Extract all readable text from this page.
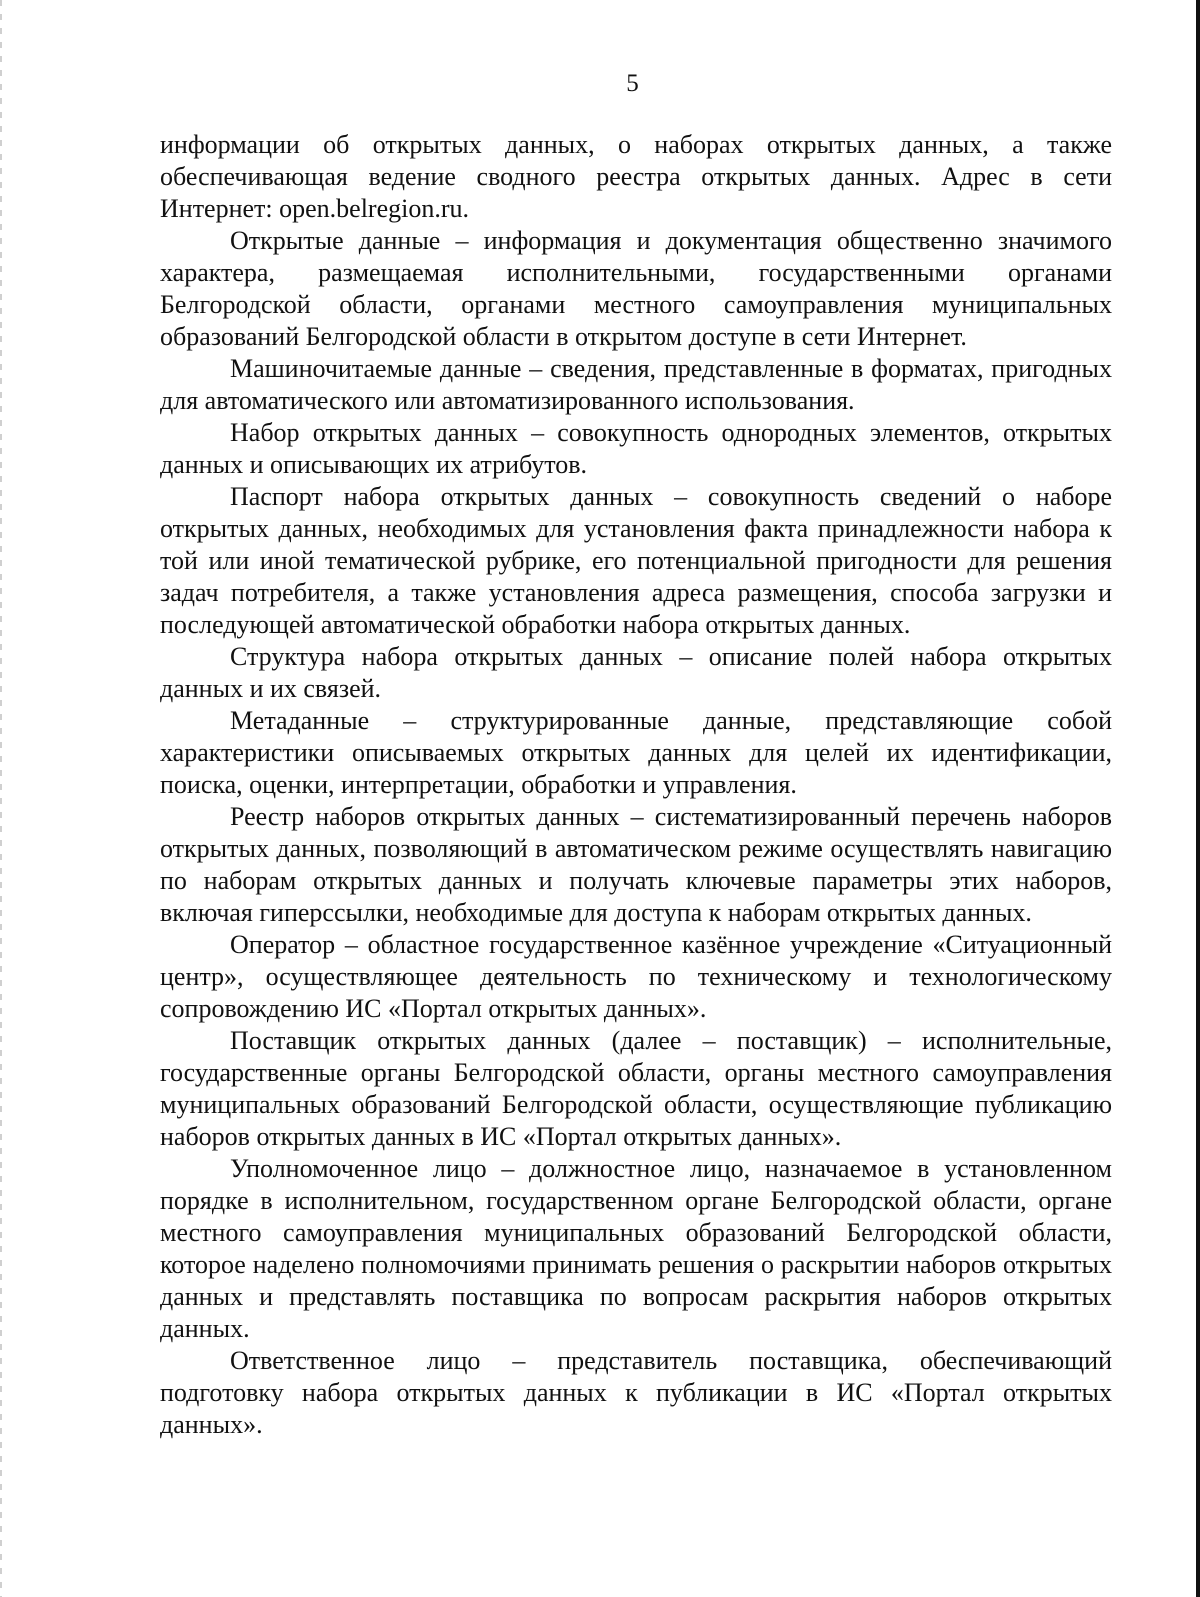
5

информации об открытых данных, о наборах открытых данных, а также обеспечивающая ведение сводного реестра открытых данных. Адрес в сети Интернет: open.belregion.ru.

Открытые данные – информация и документация общественно значимого характера, размещаемая исполнительными, государственными органами Белгородской области, органами местного самоуправления муниципальных образований Белгородской области в открытом доступе в сети Интернет.

Машиночитаемые данные – сведения, представленные в форматах, пригодных для автоматического или автоматизированного использования.

Набор открытых данных – совокупность однородных элементов, открытых данных и описывающих их атрибутов.

Паспорт набора открытых данных – совокупность сведений о наборе открытых данных, необходимых для установления факта принадлежности набора к той или иной тематической рубрике, его потенциальной пригодности для решения задач потребителя, а также установления адреса размещения, способа загрузки и последующей автоматической обработки набора открытых данных.

Структура набора открытых данных – описание полей набора открытых данных и их связей.

Метаданные – структурированные данные, представляющие собой характеристики описываемых открытых данных для целей их идентификации, поиска, оценки, интерпретации, обработки и управления.

Реестр наборов открытых данных – систематизированный перечень наборов открытых данных, позволяющий в автоматическом режиме осуществлять навигацию по наборам открытых данных и получать ключевые параметры этих наборов, включая гиперссылки, необходимые для доступа к наборам открытых данных.

Оператор – областное государственное казённое учреждение «Ситуационный центр», осуществляющее деятельность по техническому и технологическому сопровождению ИС «Портал открытых данных».

Поставщик открытых данных (далее – поставщик) – исполнительные, государственные органы Белгородской области, органы местного самоуправления муниципальных образований Белгородской области, осуществляющие публикацию наборов открытых данных в ИС «Портал открытых данных».

Уполномоченное лицо – должностное лицо, назначаемое в установленном порядке в исполнительном, государственном органе Белгородской области, органе местного самоуправления муниципальных образований Белгородской области, которое наделено полномочиями принимать решения о раскрытии наборов открытых данных и представлять поставщика по вопросам раскрытия наборов открытых данных.

Ответственное лицо – представитель поставщика, обеспечивающий подготовку набора открытых данных к публикации в ИС «Портал открытых данных».
